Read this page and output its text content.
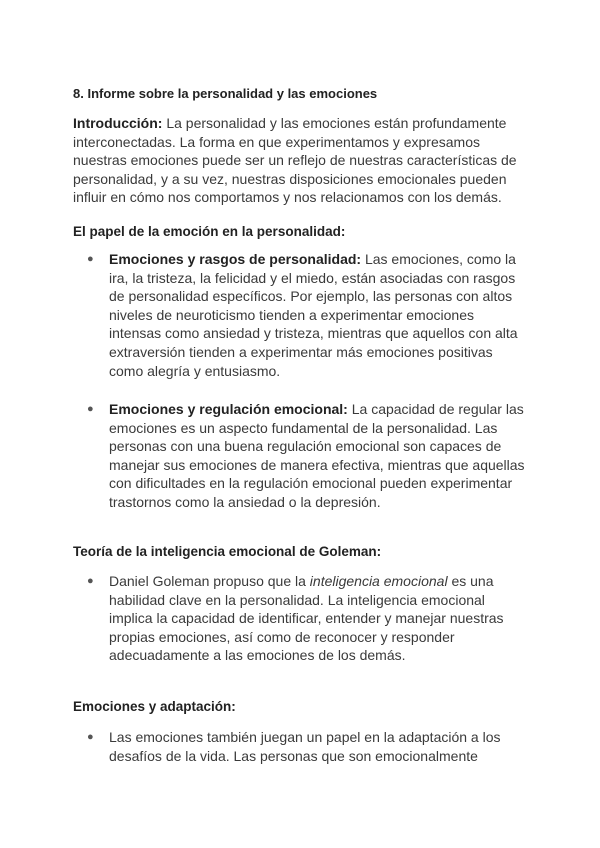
8. Informe sobre la personalidad y las emociones
Introducción: La personalidad y las emociones están profundamente interconectadas. La forma en que experimentamos y expresamos nuestras emociones puede ser un reflejo de nuestras características de personalidad, y a su vez, nuestras disposiciones emocionales pueden influir en cómo nos comportamos y nos relacionamos con los demás.
El papel de la emoción en la personalidad:
● Emociones y rasgos de personalidad: Las emociones, como la ira, la tristeza, la felicidad y el miedo, están asociadas con rasgos de personalidad específicos. Por ejemplo, las personas con altos niveles de neuroticismo tienden a experimentar emociones intensas como ansiedad y tristeza, mientras que aquellos con alta extraversión tienden a experimentar más emociones positivas como alegría y entusiasmo.
● Emociones y regulación emocional: La capacidad de regular las emociones es un aspecto fundamental de la personalidad. Las personas con una buena regulación emocional son capaces de manejar sus emociones de manera efectiva, mientras que aquellas con dificultades en la regulación emocional pueden experimentar trastornos como la ansiedad o la depresión.
Teoría de la inteligencia emocional de Goleman:
● Daniel Goleman propuso que la inteligencia emocional es una habilidad clave en la personalidad. La inteligencia emocional implica la capacidad de identificar, entender y manejar nuestras propias emociones, así como de reconocer y responder adecuadamente a las emociones de los demás.
Emociones y adaptación:
● Las emociones también juegan un papel en la adaptación a los desafíos de la vida. Las personas que son emocionalmente
